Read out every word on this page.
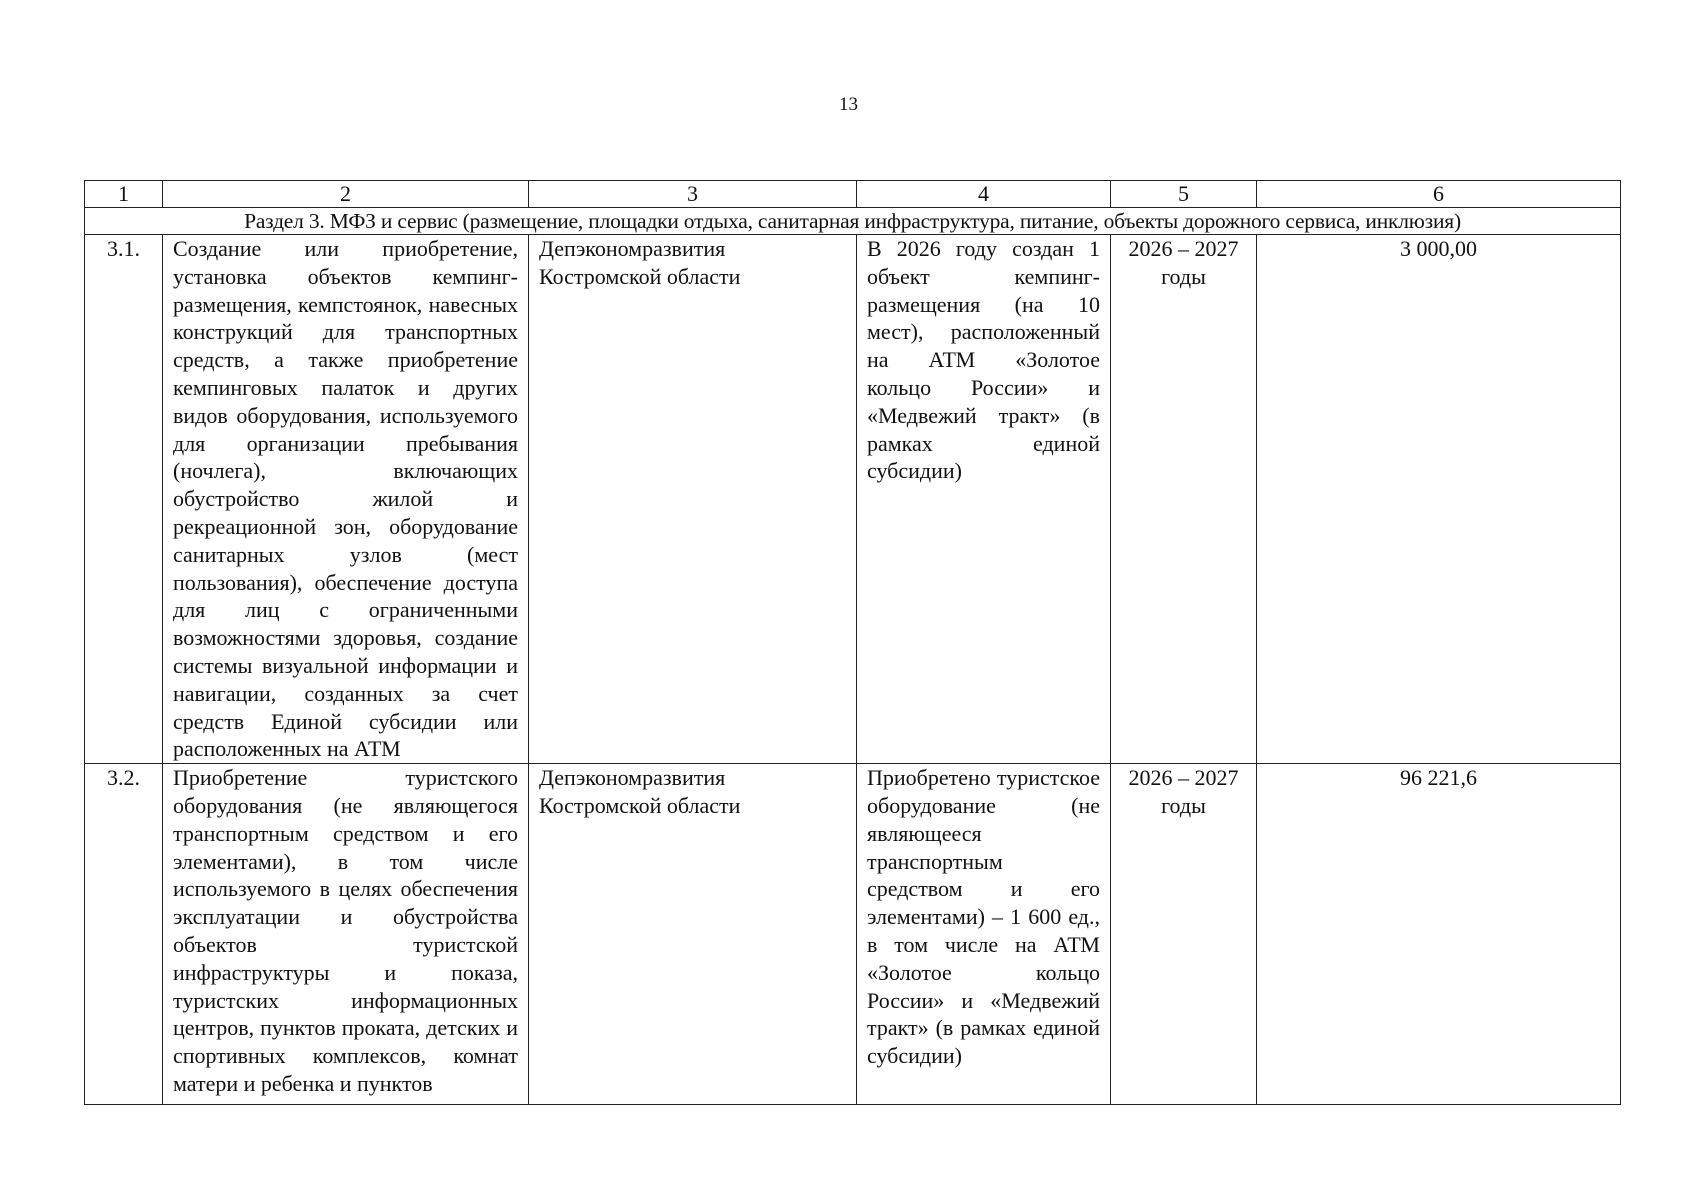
13
1	2	3	4	5	6
Раздел 3. МФЗ и сервис (размещение, площадки отдыха, санитарная инфраструктура, питание, объекты дорожного сервиса, инклюзия)					
3.1.	Создание или приобретение, установка объектов кемпинг-размещения, кемпстоянок, навесных конструкций для транспортных средств, а также приобретение кемпинговых палаток и других видов оборудования, используемого для организации пребывания (ночлега), включающих обустройство жилой и рекреационной зон, оборудование санитарных узлов (мест пользования), обеспечение доступа для лиц с ограниченными возможностями здоровья, создание системы визуальной информации и навигации, созданных за счет средств Единой субсидии или расположенных на АТМ	Депэкономразвития Костромской области	В 2026 году создан 1 объект кемпинг-размещения (на 10 мест), расположенный на АТМ «Золотое кольцо России» и «Медвежий тракт» (в рамках единой субсидии)	2026 – 2027 годы	3 000,00
3.2.	Приобретение туристского оборудования (не являющегося транспортным средством и его элементами), в том числе используемого в целях обеспечения эксплуатации и обустройства объектов туристской инфраструктуры и показа, туристских информационных центров, пунктов проката, детских и спортивных комплексов, комнат матери и ребенка и пунктов	Депэкономразвития Костромской области	Приобретено туристское оборудование (не являющееся транспортным средством и его элементами) – 1 600 ед., в том числе на АТМ «Золотое кольцо России» и «Медвежий тракт» (в рамках единой субсидии)	2026 – 2027 годы	96 221,6
